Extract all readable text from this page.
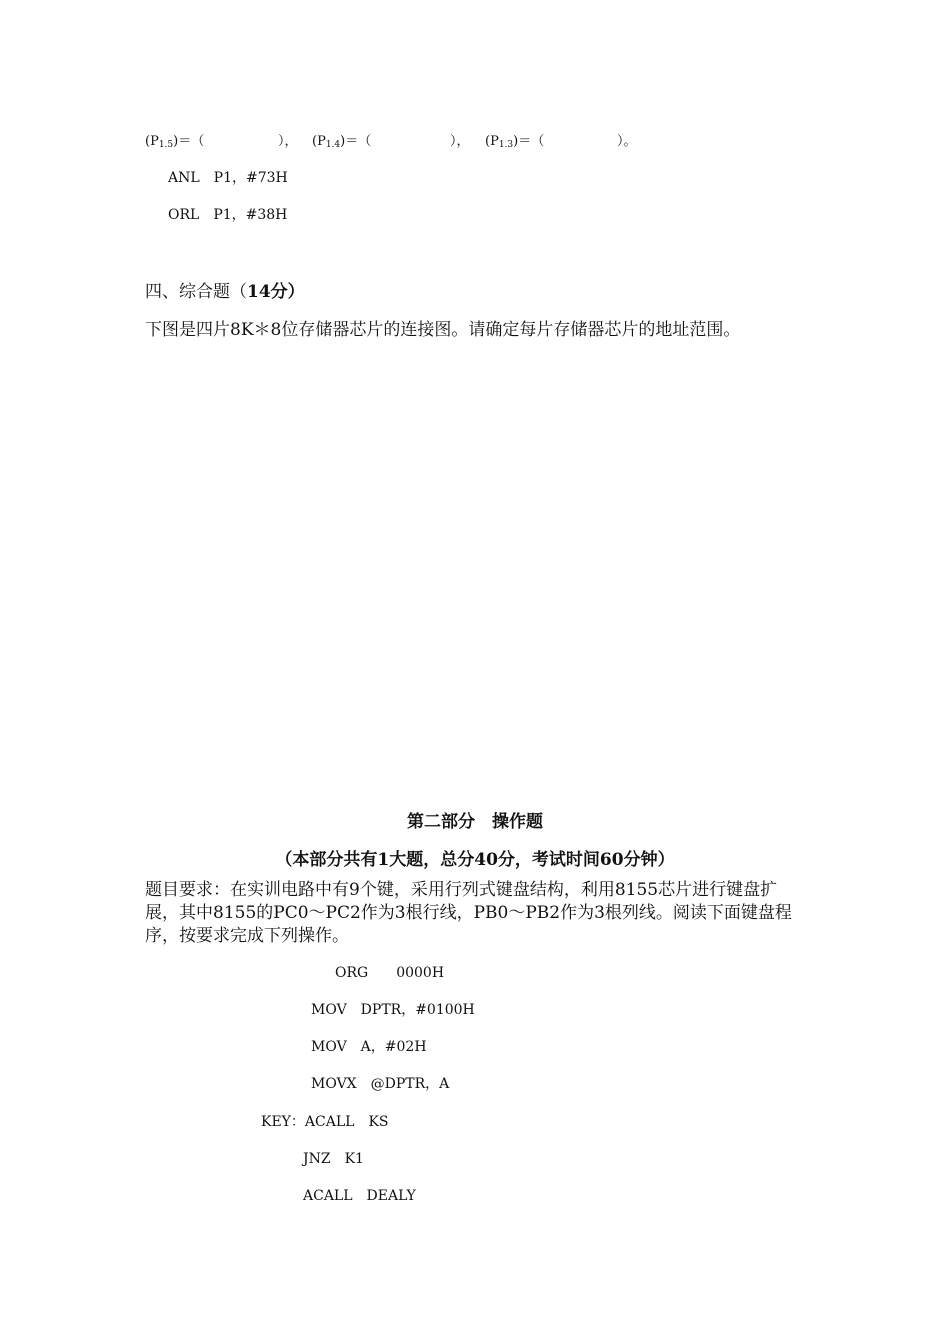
$(P_{1.5})=$（	）， $(P_{1.4})=$（	）， $(P_{1.3})=$（	）。
ANL　P1，#73H
ORL　P1，#38H
四、综合题（14分）
下图是四片8K＊8位存储器芯片的连接图。请确定每片存储器芯片的地址范围。
第二部分　操作题
（本部分共有1大题，总分40分，考试时间60分钟）
题目要求：在实训电路中有9个键，采用行列式键盘结构，利用8155芯片进行键盘扩展，其中8155的PC0～PC2作为3根行线，PB0～PB2作为3根列线。阅读下面键盘程序，按要求完成下列操作。
ORG　　0000H
MOV　DPTR，#0100H
MOV　A，#02H
MOVX　@DPTR，A
KEY：ACALL　KS
JNZ　K1
ACALL　DEALY
